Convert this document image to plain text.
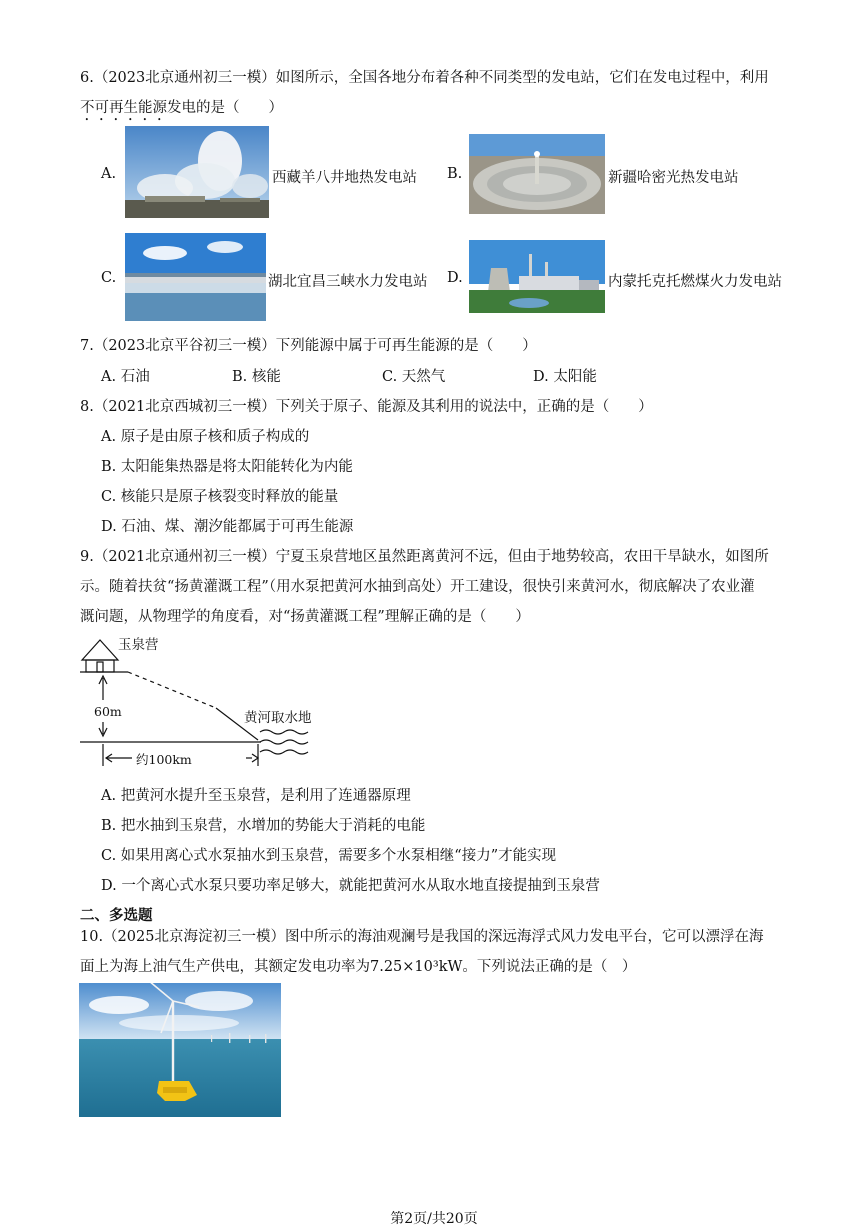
6.（2023北京通州初三一模）如图所示，全国各地分布着各种不同类型的发电站，它们在发电过程中，利用
不可再生能源发电的是（　　）
A.	西藏羊八井地热发电站 B.	新疆哈密光热发电站
C.	湖北宜昌三峡水力发电站 D.	内蒙托克托燃煤火力发电站
7.（2023北京平谷初三一模）下列能源中属于可再生能源的是（　　）
A. 石油	B. 核能	C. 天然气	D. 太阳能
8.（2021北京西城初三一模）下列关于原子、能源及其利用的说法中，正确的是（　　）
A. 原子是由原子核和质子构成的
B. 太阳能集热器是将太阳能转化为内能
C. 核能只是原子核裂变时释放的能量
D. 石油、煤、潮汐能都属于可再生能源
9.（2021北京通州初三一模）宁夏玉泉营地区虽然距离黄河不远，但由于地势较高，农田干旱缺水，如图所
示。随着扶贫“扬黄灌溉工程”（用水泵把黄河水抽到高处）开工建设，很快引来黄河水，彻底解决了农业灌
溉问题，从物理学的角度看，对“扬黄灌溉工程”理解正确的是（　　）
玉泉营
60m	黄河取水地
约100km
A. 把黄河水提升至玉泉营，是利用了连通器原理
B. 把水抽到玉泉营，水增加的势能大于消耗的电能
C. 如果用离心式水泵抽水到玉泉营，需要多个水泵相继“接力”才能实现
D. 一个离心式水泵只要功率足够大，就能把黄河水从取水地直接提抽到玉泉营
二、多选题
10.（2025北京海淀初三一模）图中所示的海油观澜号是我国的深远海浮式风力发电平台，它可以漂浮在海
面上为海上油气生产供电，其额定发电功率为7.25×10³kW。下列说法正确的是（　）
第2页/共20页
